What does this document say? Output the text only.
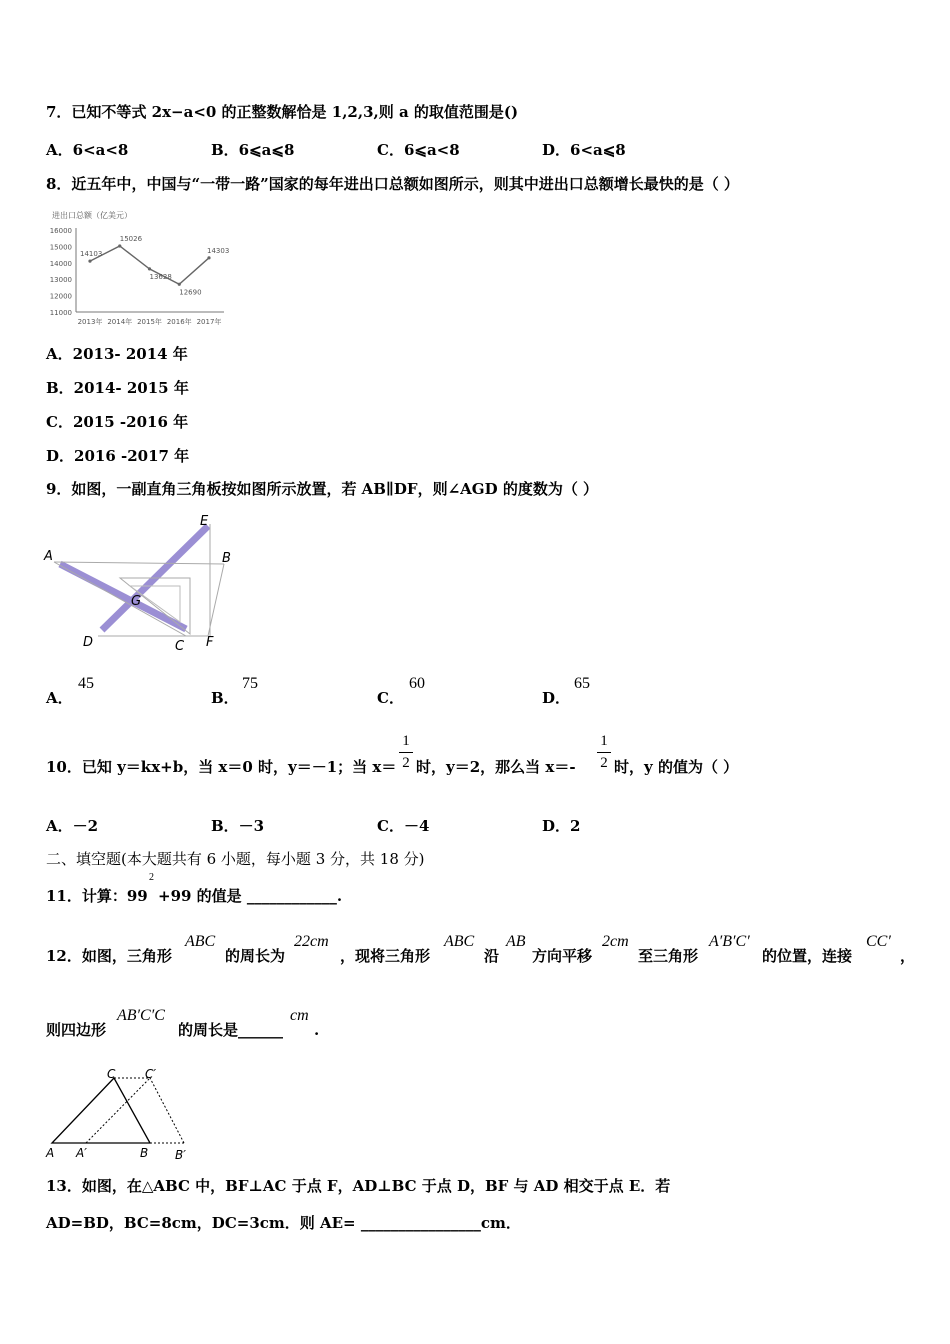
7．已知不等式 2x−a<0 的正整数解恰是 1,2,3,则 a 的取值范围是()
A．6<a<8	B．6⩽a⩽8	C．6⩽a<8	D．6<a⩽8
8．近五年中，中国与“一带一路”国家的每年进出口总额如图所示，则其中进出口总额增长最快的是（ ）
进出口总额（亿美元）
16000
15000
14000
13000
12000
11000
2013年 2014年 2015年 2016年 2017年
14103
15026
13628
12690
14303
A．2013- 2014 年
B．2014- 2015 年
C．2015 -2016 年
D．2016 -2017 年
9．如图，一副直角三角板按如图所示放置，若 AB∥DF，则∠AGD 的度数为（ ）
E
A	B
G
D	C F
A．
45
B．
75
C．
60
D．
65
10．已知 y＝kx+b，当 x＝0 时，y＝－1；当 x＝
1
2 时，y＝2，那么当 x＝-
1
2 时，y 的值为（ ）
A．－2	B．－3	C．－4	D．2
二、填空题(本大题共有 6 小题，每小题 3 分，共 18 分)
11．计算：99
2
+99 的值是 ____________.
12．如图，三角形
ABC
的周长为
22cm
，现将三角形
ABC
沿
AB
方向平移
2cm
至三角形
A′B′C′
的位置，连接
CC′
，
则四边形
AB′C′C
的周长是______
cm
.
C C′
A A′	B B′
13．如图，在△ABC 中，BF⊥AC 于点 F，AD⊥BC 于点 D，BF 与 AD 相交于点 E．若
AD=BD，BC=8cm，DC=3cm．则 AE= ________________cm．
